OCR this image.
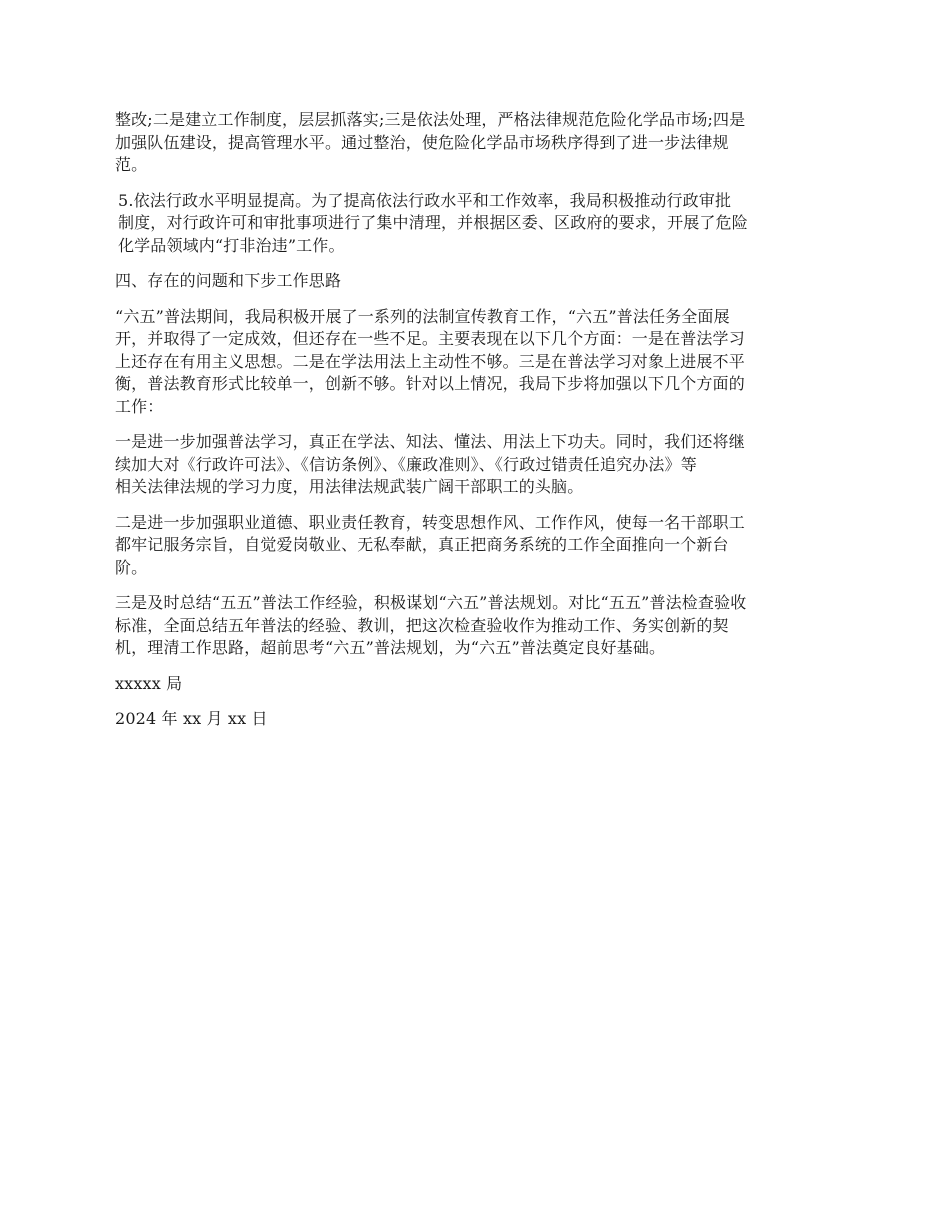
整改;二是建立工作制度，层层抓落实;三是依法处理，严格法律规范危险化学品市场;四是
加强队伍建设，提高管理水平。通过整治，使危险化学品市场秩序得到了进一步法律规
范。

5.依法行政水平明显提高。为了提高依法行政水平和工作效率，我局积极推动行政审批
制度，对行政许可和审批事项进行了集中清理，并根据区委、区政府的要求，开展了危险
化学品领域内“打非治违”工作。

四、存在的问题和下步工作思路

“六五”普法期间，我局积极开展了一系列的法制宣传教育工作，“六五”普法任务全面展
开，并取得了一定成效，但还存在一些不足。主要表现在以下几个方面：一是在普法学习
上还存在有用主义思想。二是在学法用法上主动性不够。三是在普法学习对象上进展不平
衡，普法教育形式比较单一，创新不够。针对以上情况，我局下步将加强以下几个方面的
工作：

一是进一步加强普法学习，真正在学法、知法、懂法、用法上下功夫。同时，我们还将继
续加大对《行政许可法》、《信访条例》、《廉政准则》、《行政过错责任追究办法》等
相关法律法规的学习力度，用法律法规武装广阔干部职工的头脑。

二是进一步加强职业道德、职业责任教育，转变思想作风、工作作风，使每一名干部职工
都牢记服务宗旨，自觉爱岗敬业、无私奉献，真正把商务系统的工作全面推向一个新台
阶。

三是及时总结“五五”普法工作经验，积极谋划“六五”普法规划。对比“五五”普法检查验收
标准，全面总结五年普法的经验、教训，把这次检查验收作为推动工作、务实创新的契
机，理清工作思路，超前思考“六五”普法规划，为“六五”普法奠定良好基础。

xxxxx 局

2024 年 xx 月 xx 日
